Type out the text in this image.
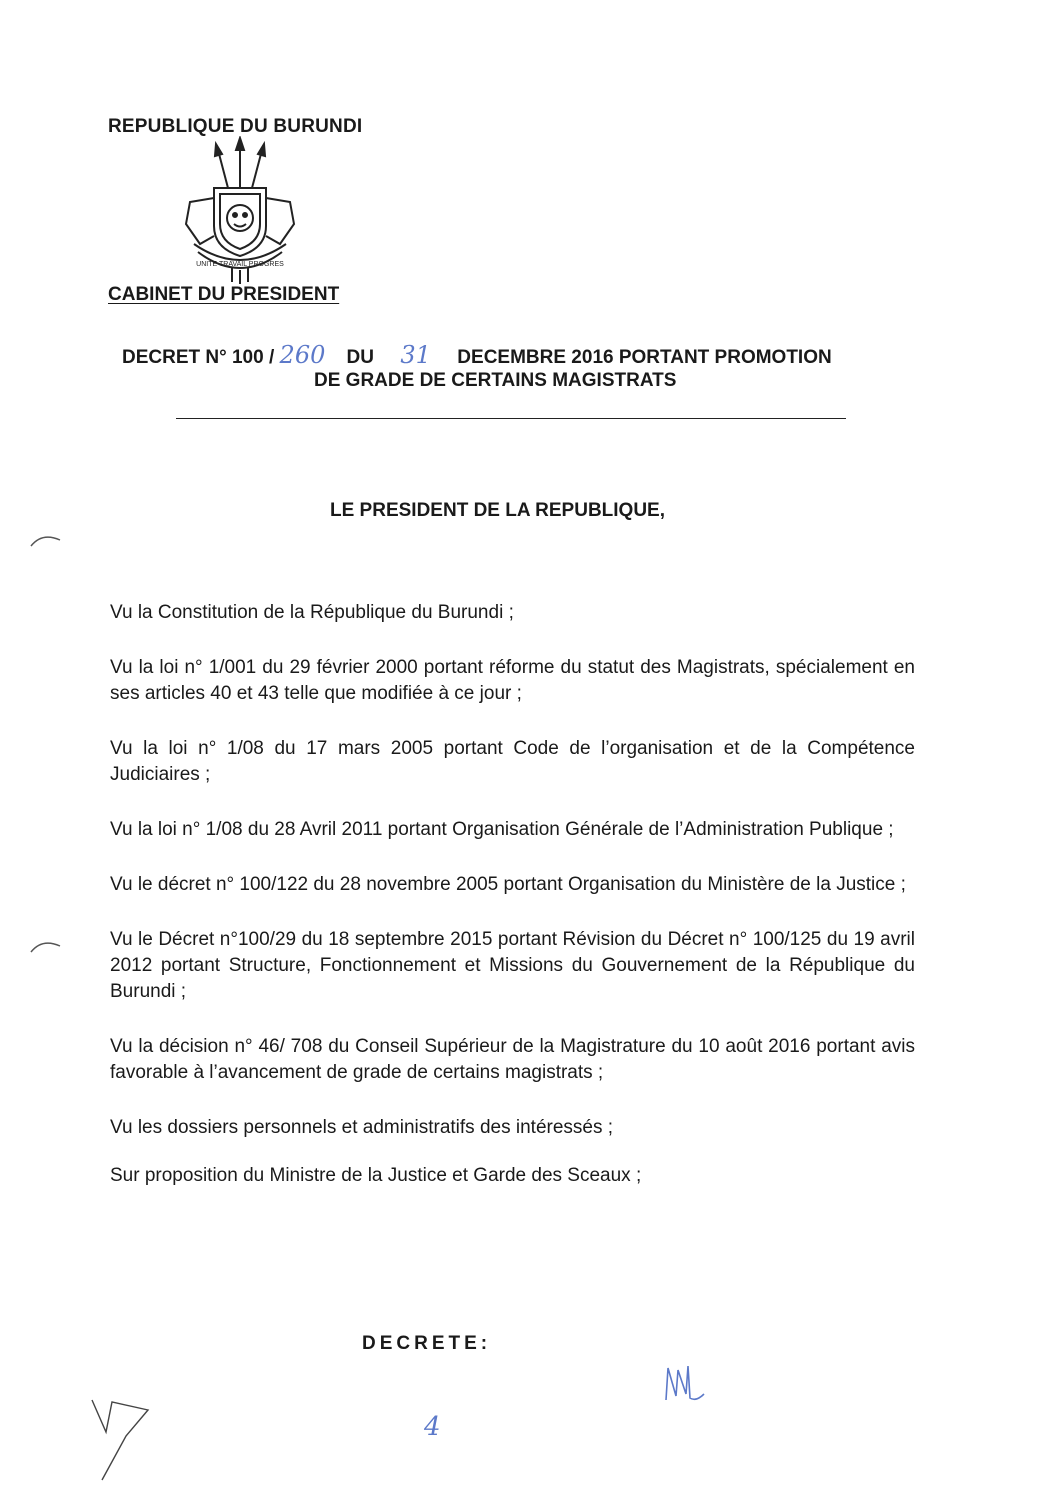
REPUBLIQUE DU BURUNDI
UNITE TRAVAIL PROGRES
CABINET DU PRESIDENT
DECRET N° 100 / 260 DU 31 DECEMBRE 2016 PORTANT PROMOTION
DE GRADE DE CERTAINS MAGISTRATS
LE PRESIDENT DE LA REPUBLIQUE,

Vu la Constitution de la République du Burundi ;

Vu la loi n° 1/001 du 29 février 2000 portant réforme du statut des Magistrats, spécialement en ses articles 40 et 43 telle que modifiée à ce jour ;

Vu la loi n° 1/08 du 17 mars 2005 portant Code de l’organisation et de la Compétence Judiciaires ;

Vu la loi n° 1/08 du 28 Avril 2011 portant Organisation Générale de l’Administration Publique ;

Vu le décret n° 100/122 du 28 novembre 2005 portant Organisation du Ministère de la Justice ;

Vu le Décret n°100/29 du 18 septembre 2015 portant Révision du Décret n° 100/125 du 19 avril 2012 portant Structure, Fonctionnement et Missions du Gouvernement de la République du Burundi ;

Vu la décision n° 46/ 708 du Conseil Supérieur de la Magistrature du 10 août 2016 portant avis favorable à l’avancement de grade de certains magistrats ;

Vu les dossiers personnels et administratifs des intéressés ;

Sur proposition du Ministre de la Justice et Garde des Sceaux ;

DECRETE:
4
